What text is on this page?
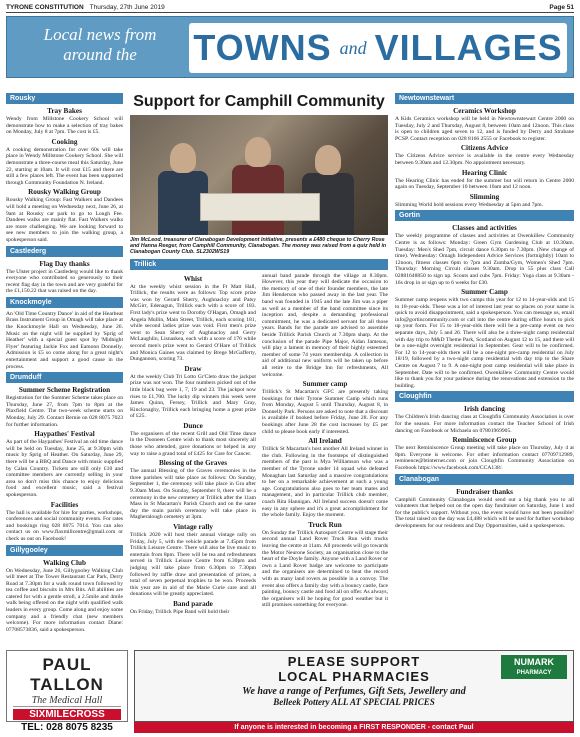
TYRONE CONSTITUTION Thursday, 27th June 2019	Page 51
Local news from
around the	TOWNS and VILLAGES
Rousky
Tray Bakes

Wendy from Millstone Cookery School will demonstrate how to make a selection of tray bakes on Monday, July 8 at 7pm. The cost is £5.

Cooking

A cooking demonstration for over 60s will take place in Wendy Millstone Cookery School. She will demonstrate a three-course meal this Saturday, June 22, starting at 10am. It will cost £15 and there are still a few places left. The event has been supported through Community Foundation N. Ireland.

Rousky Walking Group

Rousky Walking Group: Fast Walkers and Dandees will hold a meeting on Wednesday next, June 26, at 9am at Rousky car park to go to Lough Fee. Dandees walks are mainly flat. Fast Walkers walks are more challenging. We are looking forward to see new members to join the walking group, a spokesperson said.

Castlederg
Flag Day thanks

The Ulster project in Castlederg would like to thank everyone who contributed so generously to their recent flag day in the town and are very grateful for the £1,150.22 that was raised on the day.

Knockmoyle

An 'Old Time Country Dance' in aid of the Hearbeat Brass Instrument Group in Omagh will take place at the Knockmoyle Hall on Wednesday, June 26. Music on the night will be supplied by 'Sprig of Heather' with a special guest spot by 'Midnight Flyer' featuring Jackie Fox and Eamonn Donnelly. Admission is £5 so come along for a great night's entertainment and support a good cause in the process.

Drumduff
Summer Scheme Registration

Registration for the Summer Scheme takes place on Thursday, June 27, from 7pm to 8pm at the Plaxfield Centre. The two-week scheme starts on Monday, July 29. Contact Bernie on 028 8075 7023 for further information.

Haypathes' Festival

As part of the Haypathes' Festival an old time dance will be held on Tuesday, June 25, at 9.30pm with music by Sprig of Heather. On Saturday, June 29, there will be a BBQ and Dance with music supplied by Calan Country. Tickets are still only £10 and committee members are currently selling in your area so don't miss this chance to enjoy delicious food and excellent music, said a festival spokesperson.

Facilities

The hall is available for hire for parties, workshops, conferences and social community events. For rates and bookings ring 028 8075 7014. You can also contact us on www.flaxmillcentre@gmail.com or check us out on Facebook!

Gillygooley
Walking Club

On Wednesday, June 26, Gillygooley Walking Club will meet at The Tower Restaurant Car Park, Derry Road at 7.30pm for a walk round town followed by tea coffee and biscuits in Mrs Bits. All abilities are catered for with a gentle stroll, a 2.5mile and 4mile walk being offered on the night with qualified walk leaders in every group. Come along and enjoy some company and a friendly chat (new members welcome). For more information contact Diane: 07708573836, said a spokesperson.

Support for Camphill Community

Jim McLeod, treasurer of Clanabogan Development Initiative, presents a £480 cheque to Cherry Rose and Hanna Reeger, from Camphill Community, Clanabogan. The money was raised from a quiz held in Clanabogan County Club. SL2302WS19

Trillick
Whist

At the weekly whist session in the Ft Matt Hall, Trillick, the results were as follows: Top score prize was won by Gerard Sherry, Aughnacloy and Patsy McGirr, Edenagun, Trillick each with a score of 183. First lady's prize went to Dorothy O'Hagan, Omagh and Angela Mullin, Main Street, Trillick, each scoring 181, while second ladies prize was void. First men's prize went to Sean Sherry of Aughnacloy and Gerry McLaughlin, Lisnaskea, each with a score of 176 while second men's prize went to Gerard O'Hare of Trillick and Monica Gaines was claimed by Brege McGafferty, Dungannon, scoring 73.

Draw

At the weekly Club Tri Lotto Gr'Cleto draw the jackpot prize was not won. The four numbers picked out of the little black bag were 1, 7, 19 and 23. The jackpot now rises to £1,700. The lucky dip winners this week were James Quinn, Fersey, Trillick and Mary Gray, Kinclonaghy, Trillick each bringing home a great prize of £25.

Dunce

The organisers of the recent Grill and Old Time dance in the Dooneen Centre wish to thank most sincerely all those who attended, gave donations or helped in any way to raise a grand total of £425 for Care for Cancer.

Blessing of the Graves

The annual Blessing of the Graves ceremonies in the three parishes will take place as follows: On Sunday, September 1, the ceremony will take place in Gra after 9.30am Mass. On Sunday, September 8, there will be a ceremony in the new cemetery at Trillick after the 11am Mass in St Macartan's Parish Church and on the same day the main parish ceremony will take place in Magheralough cemetery at 3pm.

Vintage rally

Trillick 2020 will host their annual vintage rally on Friday, July 5, with the vehicle parade at 7.45pm from Trillick Leisure Centre. There will also be live music to entertain from 8pm. There will be tea and refreshments served in Trillick Leisure Centre from 6.30pm and judging will take place from 6.30pm to 7.30pm followed by raffle draw and presentation of prizes, a total of seven perpetual trophies to be won. Proceeds this year are in aid of the Marie Curie care and all donations will be greatly appreciated.

Band parade

On Friday, Trillick Pipe Band will hold their

annual band parade through the village at 8.30pm. However, this year they will dedicate the occasion to the memory of one of their founder members, the late Jim Henderson who passed away in the last year. The band was founded in 1945 and the late Jim was a piper as well as a member of the band committee since its inception and, despite a demanding professional commitment, he was a dedicated servant for all those years. Bands for the parade are advised to assemble beside Trillick Parish Church at 7.30pm sharp. At the conclusion of the parade Pipe Major, Aidan Jameson, will play a lament in memory of their highly esteemed member of some 74 years membership. A collection in aid of additional new uniform will be taken up before all retire to the Bridge Inn for refreshments, All welcome.

Summer camp

Trillick's St Macartan's GFC are presently taking bookings for their Tyrone Summer Camp which runs from Monday, August 5 until Thursday, August 8, in Donnelly Park. Persons are asked to note that a discount is available if booked before Friday, June 28. For any bookings after June 28 the cost increases by £5 per child so please book early if interested.

All Ireland

Trillick St Macartan's host another All Ireland winner in the club. Following in the footsteps of distinguished members of the past is Mya Williamson who was a member of the Tyrone under 14 squad who defeated Monaghan last Saturday and a massive congratulations to her on a remarkable achievement at such a young age. Congratulations also goes to her team mates and management, and in particular Trillick club member, coach Rita Hannigan. All Ireland success doesn't come easy in any sphere and it's a great accomplishment for the whole family. Enjoy the moment.

Truck Run

On Sunday the Trillick Autosport Centre will stage their second annual Land Rover Truck Run with trucks leaving the centre at 11am. All proceeds will go towards the Motor Neurone Society, an organisation close to the heart of the Doyle family. Anyone with a Land Rover or own a Land Rover badge are welcome to participate and the organisers are determined to beat the record with as many land rovers as possible in a convoy. The event also offers a family day with a bouncy castle, face painting, bouncy castle and food all on offer. As always, the organisers will be hoping for good weather but it still promises something for everyone.

Newtownstewart
Ceramics Workshop

A Kids Ceramics workshop will be held in Newtownstewart Centre 2000 on Tuesday, July 2 and Thursday, August 8, between 10am and 12noon. This class is open to children aged seven to 12, and is funded by Derry and Strabane PCSP. Contact reception on 028 8166 2555 or Facebook to register.

Citizens Advice

The Citizens Advice service is available in the centre every Wednesday between 9.30am and 12.30pm. No appointment necessary.

Hearing Clinic

The Hearing Clinic has ended for the summer but will return in Centre 2000 again on Tuesday, September 10 between 10am and 12 noon.

Slimming

Slimming World hold sessions every Wednesday at 5pm and 7pm.

Gortin
Classes and activities

The weekly programme of classes and activities at Owenkillew Community Centre is as follows: Monday: Green Gym Gardening Club at 10.30am. Tuesday: Men's Shed 7pm, circuit dance 6.30pm to 7.30pm. (New change of time). Wednesday: Omagh Independent Advice Services (fortnightly) 10am to 12noon, fitness classes 6pm to 7pm and Zumba/Gym, Women's Shed 7pm. Thursday: Morning Circuit classes 9.30am. Drop in 55 plus class Call 02881648850 to sign up. Scouts and cubs 7pm. Friday: Yoga class at 9.30am - 16s drop in or sign up to 6 weeks for £30.

Summer Camp

Summer camp reopens with two camps this year for 12 to 14-year-olds and 15 to 18-year-olds. These was a lot of interest last year so places on your name is quick to avoid disappointment, said a spokesperson. You can message us, email info@gortincommunity.com or call into the centre during office hours to pick up your form. For 15 to 18-year-olds there will be a pre-camp event on two separate days, July 5 and 26. There will also be a three-night camp residential with day trip to M&D Theme Park, Scotland on August 12 to 15, and there will be a one-night overnight residential in September. Gear will to be confirmed. For 12 to 14-year-olds there will be a one-night pre-camp residential on July 18/19, followed by a two-night camp residential with day trip to the Share Centre on August 7 to 9. A one-night post camp residential will take place in September. Date will to be confirmed. Owenkillew Community Centre would like to thank you for your patience during the renovations and extension to the building.

Cloughfin
Irish dancing

The Children's Irish dancing class at Cloughfin Community Association is over for the season. For more information contact the Teacher School of Irish dancing on Facebook or Michaela on 07801969905.

Reminiscence Group

The next Reminiscence Group meeting will take place on Thursday, July 4 at 8pm. Everyone is welcome. For other information contact 07709712989, reminence@btinternet.com or join Cloughfin Community Association on Facebook https://www.facebook.com/CCA138/.

Clanabogan
Fundraiser thanks

Camphill Community Clanabogan would send out a big thank you to all volunteers that helped out on the open day fundraiser on Saturday, June 1 and for the public's support. Without you, the event would have not been possible! The total raised on the day was £4,488 which will be used for further workshop developments for our residents and Day Opportunities, said a spokesperson.

PAUL TALLON
The Medical Hall
SIXMILECROSS
TEL: 028 8075 8235
NUMARK
PHARMACY
PLEASE SUPPORT
LOCAL PHARMACIES
We have a range of Perfumes, Gift Sets, Jewellery and
Belleek Pottery ALL AT SPECIAL PRICES
If anyone is interested in becoming a FIRST RESPONDER - contact Paul
